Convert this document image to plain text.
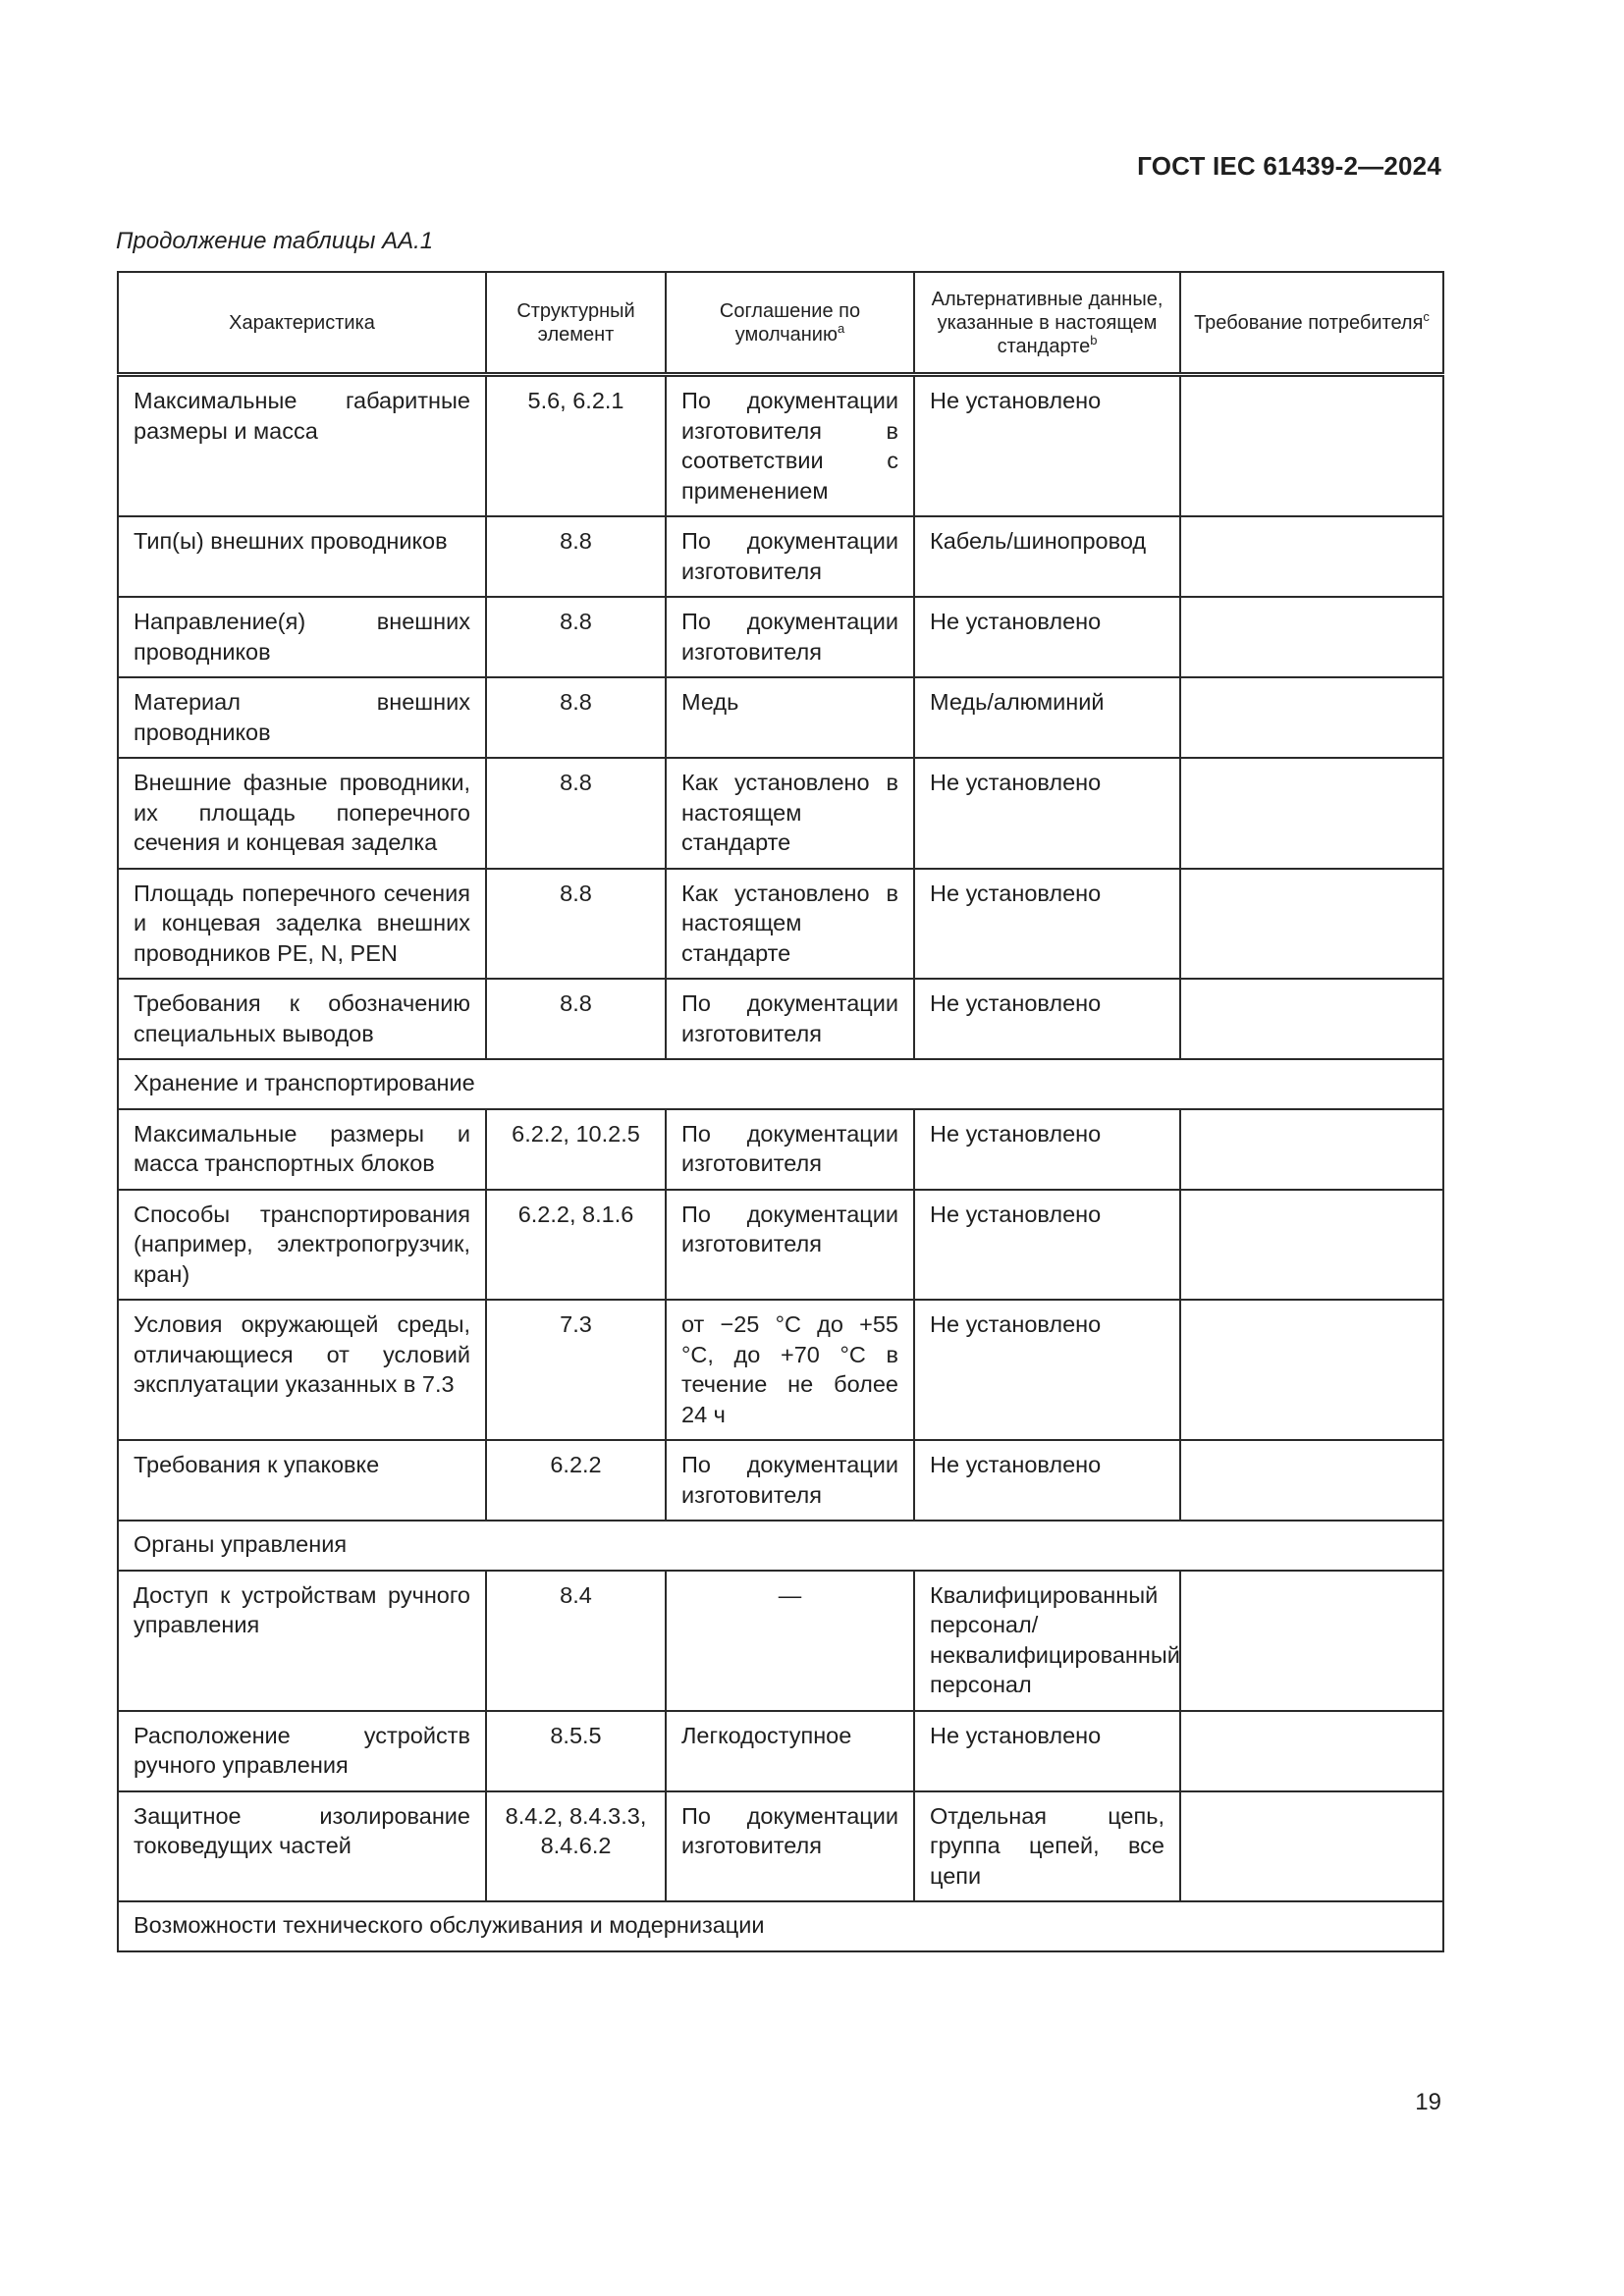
ГОСТ IEC 61439-2—2024
Продолжение таблицы АА.1
Характеристика	Структурный элемент	Соглашение по умолчанию$^a$	Альтернативные данные, указанные в настоящем стандарте$^b$	Требование потребителя$^c$
Максимальные габаритные размеры и масса	5.6, 6.2.1	По документации изготовителя в соответствии с применением	Не установлено	
Тип(ы) внешних проводников	8.8	По документации изготовителя	Кабель/шинопровод	
Направление(я) внешних проводников	8.8	По документации изготовителя	Не установлено	
Материал внешних проводников	8.8	Медь	Медь/алюминий	
Внешние фазные проводники, их площадь поперечного сечения и концевая заделка	8.8	Как установлено в настоящем стандарте	Не установлено	
Площадь поперечного сечения и концевая заделка внешних проводников PE, N, PEN	8.8	Как установлено в настоящем стандарте	Не установлено	
Требования к обозначению специальных выводов	8.8	По документации изготовителя	Не установлено	
Хранение и транспортирование				
Максимальные размеры и масса транспортных блоков	6.2.2, 10.2.5	По документации изготовителя	Не установлено	
Способы транспортирования (например, электропогрузчик, кран)	6.2.2, 8.1.6	По документации изготовителя	Не установлено	
Условия окружающей среды, отличающиеся от условий эксплуатации указанных в 7.3	7.3	от −25 °C до +55 °C, до +70 °C в течение не более 24 ч	Не установлено	
Требования к упаковке	6.2.2	По документации изготовителя	Не установлено	
Органы управления				
Доступ к устройствам ручного управления	8.4	—	Квалифицированный персонал/ неквалифицированный персонал	
Расположение устройств ручного управления	8.5.5	Легкодоступное	Не установлено	
Защитное изолирование токоведущих частей	8.4.2, 8.4.3.3, 8.4.6.2	По документации изготовителя	Отдельная цепь, группа цепей, все цепи	
Возможности технического обслуживания и модернизации				
19
